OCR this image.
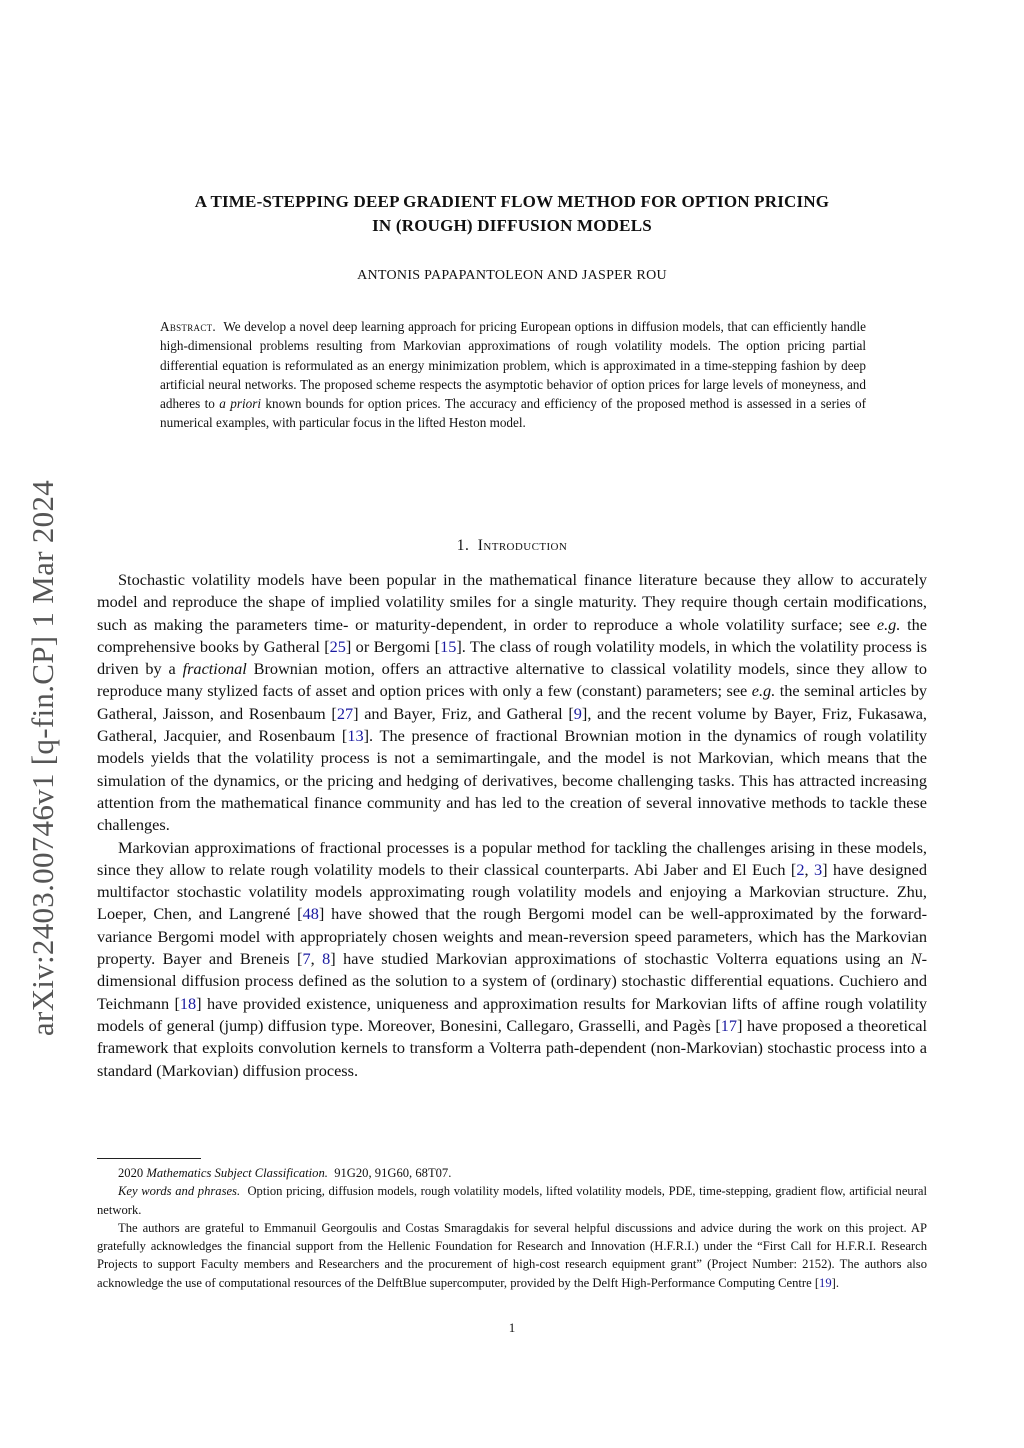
arXiv:2403.00746v1 [q-fin.CP] 1 Mar 2024
A TIME-STEPPING DEEP GRADIENT FLOW METHOD FOR OPTION PRICING
IN (ROUGH) DIFFUSION MODELS
ANTONIS PAPAPANTOLEON AND JASPER ROU
Abstract. We develop a novel deep learning approach for pricing European options in diffusion models, that can efficiently handle high-dimensional problems resulting from Markovian approximations of rough volatility models. The option pricing partial differential equation is reformulated as an energy minimization problem, which is approximated in a time-stepping fashion by deep artificial neural networks. The proposed scheme respects the asymptotic behavior of option prices for large levels of moneyness, and adheres to a priori known bounds for option prices. The accuracy and efficiency of the proposed method is assessed in a series of numerical examples, with particular focus in the lifted Heston model.
1. Introduction

Stochastic volatility models have been popular in the mathematical finance literature because they allow to accurately model and reproduce the shape of implied volatility smiles for a single maturity. They require though certain modifications, such as making the parameters time- or maturity-dependent, in order to reproduce a whole volatility surface; see e.g. the comprehensive books by Gatheral [25] or Bergomi [15]. The class of rough volatility models, in which the volatility process is driven by a fractional Brownian motion, offers an attractive alternative to classical volatility models, since they allow to reproduce many stylized facts of asset and option prices with only a few (constant) parameters; see e.g. the seminal articles by Gatheral, Jaisson, and Rosenbaum [27] and Bayer, Friz, and Gatheral [9], and the recent volume by Bayer, Friz, Fukasawa, Gatheral, Jacquier, and Rosenbaum [13]. The presence of fractional Brownian motion in the dynamics of rough volatility models yields that the volatility process is not a semimartingale, and the model is not Markovian, which means that the simulation of the dynamics, or the pricing and hedging of derivatives, become challenging tasks. This has attracted increasing attention from the mathematical finance community and has led to the creation of several innovative methods to tackle these challenges.

Markovian approximations of fractional processes is a popular method for tackling the challenges arising in these models, since they allow to relate rough volatility models to their classical counterparts. Abi Jaber and El Euch [2, 3] have designed multifactor stochastic volatility models approximating rough volatility models and enjoying a Markovian structure. Zhu, Loeper, Chen, and Langrené [48] have showed that the rough Bergomi model can be well-approximated by the forward-variance Bergomi model with appropriately chosen weights and mean-reversion speed parameters, which has the Markovian property. Bayer and Breneis [7, 8] have studied Markovian approximations of stochastic Volterra equations using an N-dimensional diffusion process defined as the solution to a system of (ordinary) stochastic differential equations. Cuchiero and Teichmann [18] have provided existence, uniqueness and approximation results for Markovian lifts of affine rough volatility models of general (jump) diffusion type. Moreover, Bonesini, Callegaro, Grasselli, and Pagès [17] have proposed a theoretical framework that exploits convolution kernels to transform a Volterra path-dependent (non-Markovian) stochastic process into a standard (Markovian) diffusion process.

2020 Mathematics Subject Classification. 91G20, 91G60, 68T07.

Key words and phrases. Option pricing, diffusion models, rough volatility models, lifted volatility models, PDE, time-stepping, gradient flow, artificial neural network.

The authors are grateful to Emmanuil Georgoulis and Costas Smaragdakis for several helpful discussions and advice during the work on this project. AP gratefully acknowledges the financial support from the Hellenic Foundation for Research and Innovation (H.F.R.I.) under the “First Call for H.F.R.I. Research Projects to support Faculty members and Researchers and the procurement of high-cost research equipment grant” (Project Number: 2152). The authors also acknowledge the use of computational resources of the DelftBlue supercomputer, provided by the Delft High-Performance Computing Centre [19].

1
